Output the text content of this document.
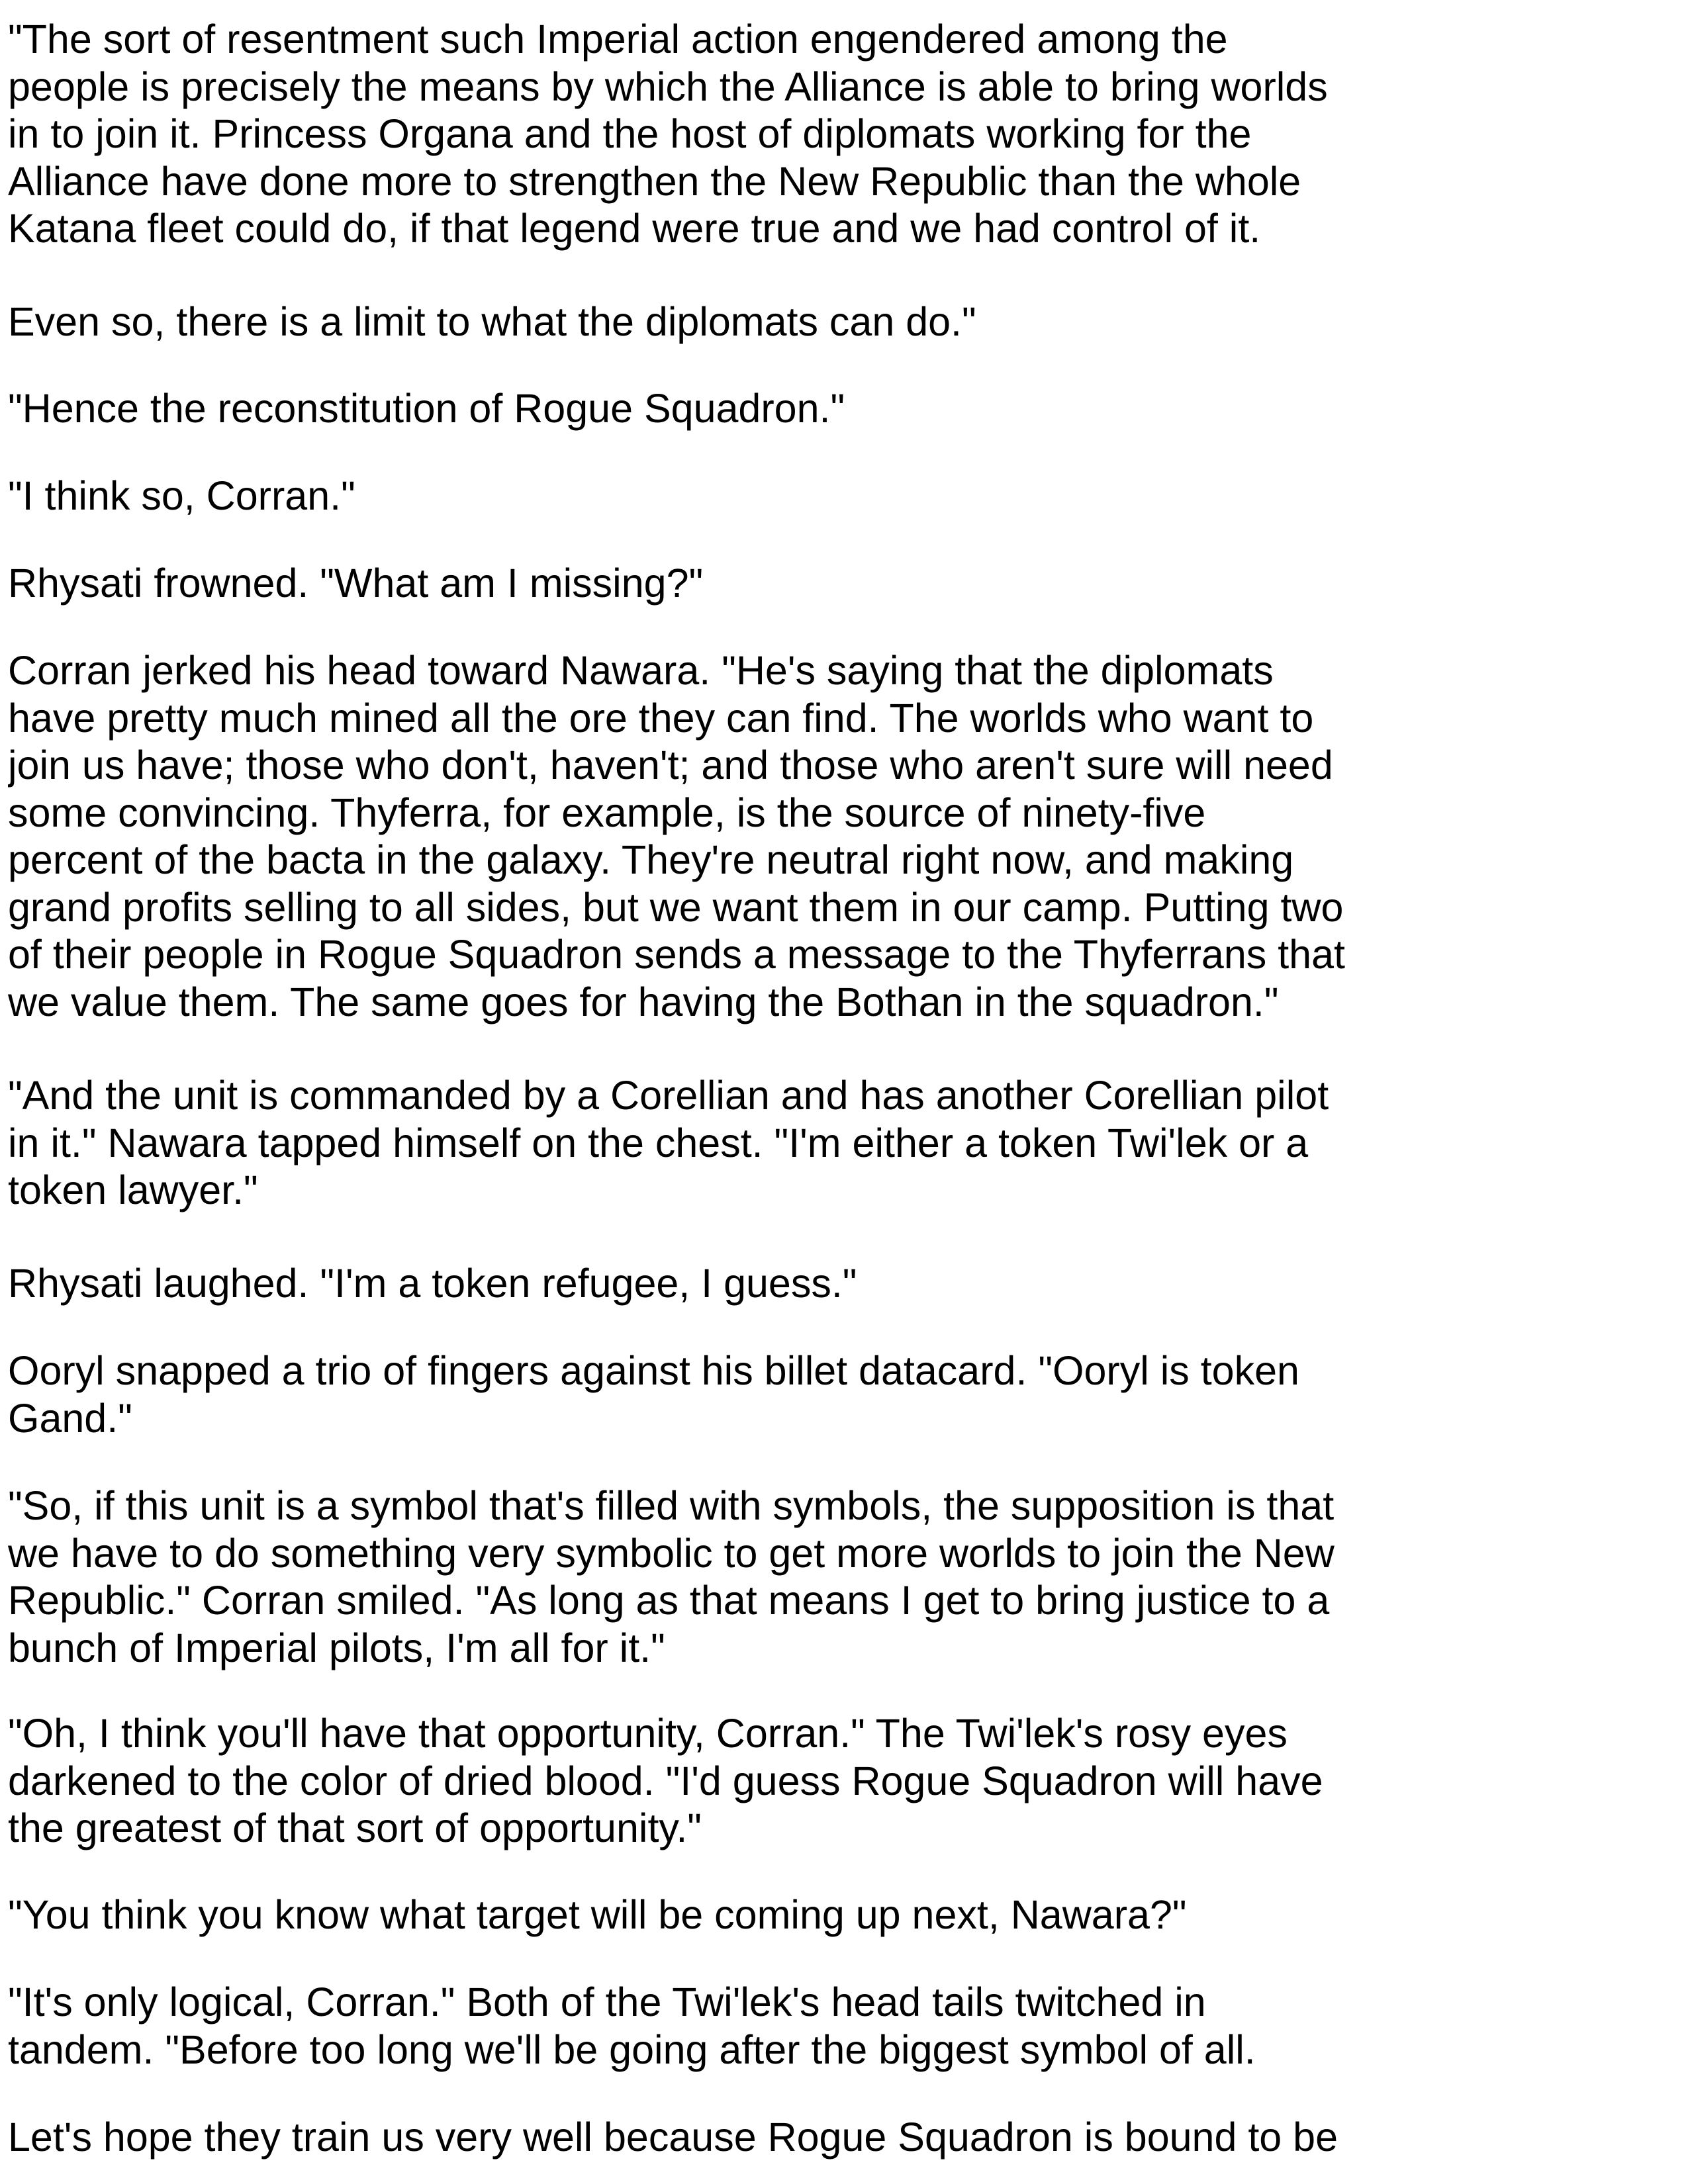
"The sort of resentment such Imperial action engendered among the
people is precisely the means by which the Alliance is able to bring worlds
in to join it. Princess Organa and the host of diplomats working for the
Alliance have done more to strengthen the New Republic than the whole
Katana fleet could do, if that legend were true and we had control of it.

Even so, there is a limit to what the diplomats can do."

"Hence the reconstitution of Rogue Squadron."

"I think so, Corran."

Rhysati frowned. "What am I missing?"

Corran jerked his head toward Nawara. "He's saying that the diplomats
have pretty much mined all the ore they can find. The worlds who want to
join us have; those who don't, haven't; and those who aren't sure will need
some convincing. Thyferra, for example, is the source of ninety-five
percent of the bacta in the galaxy. They're neutral right now, and making
grand profits selling to all sides, but we want them in our camp. Putting two
of their people in Rogue Squadron sends a message to the Thyferrans that
we value them. The same goes for having the Bothan in the squadron."

"And the unit is commanded by a Corellian and has another Corellian pilot
in it." Nawara tapped himself on the chest. "I'm either a token Twi'lek or a
token lawyer."

Rhysati laughed. "I'm a token refugee, I guess."

Ooryl snapped a trio of fingers against his billet datacard. "Ooryl is token
Gand."

"So, if this unit is a symbol that's filled with symbols, the supposition is that
we have to do something very symbolic to get more worlds to join the New
Republic." Corran smiled. "As long as that means I get to bring justice to a
bunch of Imperial pilots, I'm all for it."

"Oh, I think you'll have that opportunity, Corran." The Twi'lek's rosy eyes
darkened to the color of dried blood. "I'd guess Rogue Squadron will have
the greatest of that sort of opportunity."

"You think you know what target will be coming up next, Nawara?"

"It's only logical, Corran." Both of the Twi'lek's head tails twitched in
tandem. "Before too long we'll be going after the biggest symbol of all.

Let's hope they train us very well because Rogue Squadron is bound to be
